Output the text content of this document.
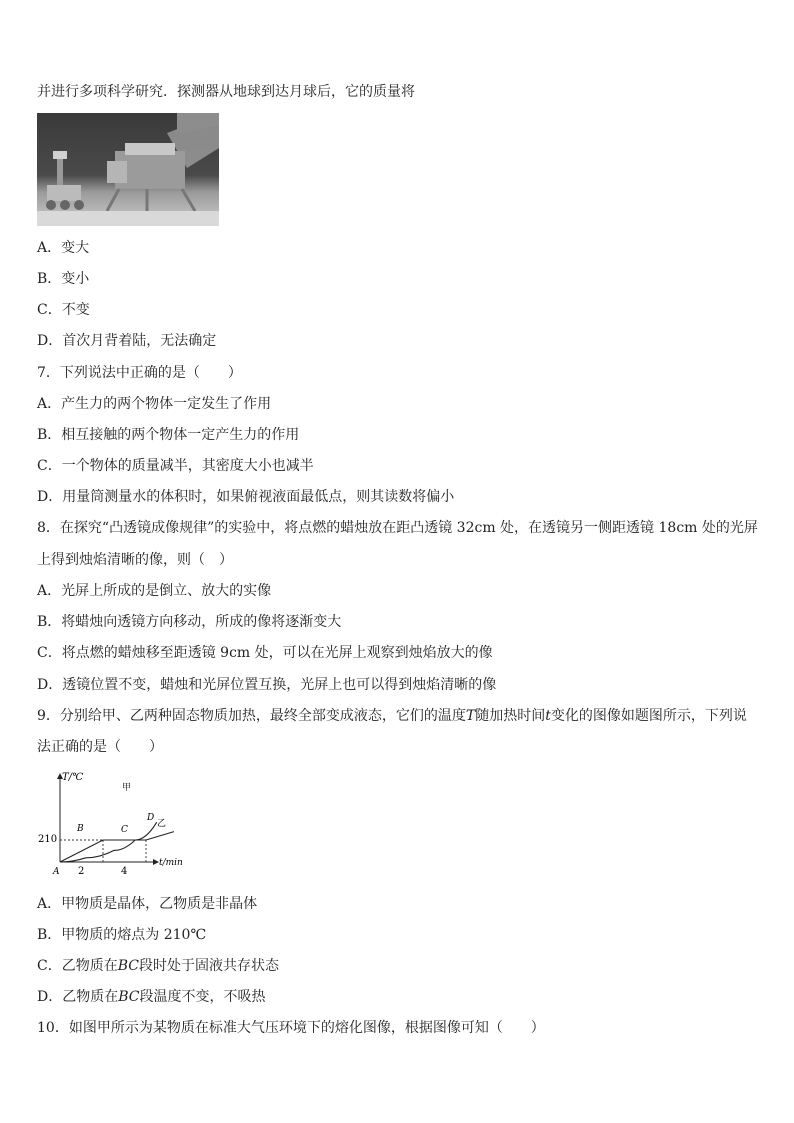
并进行多项科学研究．探测器从地球到达月球后，它的质量将
A．变大
B．变小
C．不变
D．首次月背着陆，无法确定
7．下列说法中正确的是（　　）
A．产生力的两个物体一定发生了作用
B．相互接触的两个物体一定产生力的作用
C．一个物体的质量减半，其密度大小也减半
D．用量筒测量水的体积时，如果俯视液面最低点，则其读数将偏小
8．在探究“凸透镜成像规律”的实验中，将点燃的蜡烛放在距凸透镜 32cm 处，在透镜另一侧距透镜 18cm 处的光屏
上得到烛焰清晰的像，则（　）
A．光屏上所成的是倒立、放大的实像
B．将蜡烛向透镜方向移动，所成的像将逐渐变大
C．将点燃的蜡烛移至距透镜 9cm 处，可以在光屏上观察到烛焰放大的像
D．透镜位置不变，蜡烛和光屏位置互换，光屏上也可以得到烛焰清晰的像
9．分别给甲、乙两种固态物质加热，最终全部变成液态，它们的温度T随加热时间t变化的图像如题图所示，下列说
法正确的是（　　）
T/℃
t/min
210
2	4
A
B	C
D
甲
乙
A．甲物质是晶体，乙物质是非晶体
B．甲物质的熔点为 210℃
C．乙物质在BC段时处于固液共存状态
D．乙物质在BC段温度不变，不吸热
10．如图甲所示为某物质在标准大气压环境下的熔化图像，根据图像可知（　　）
